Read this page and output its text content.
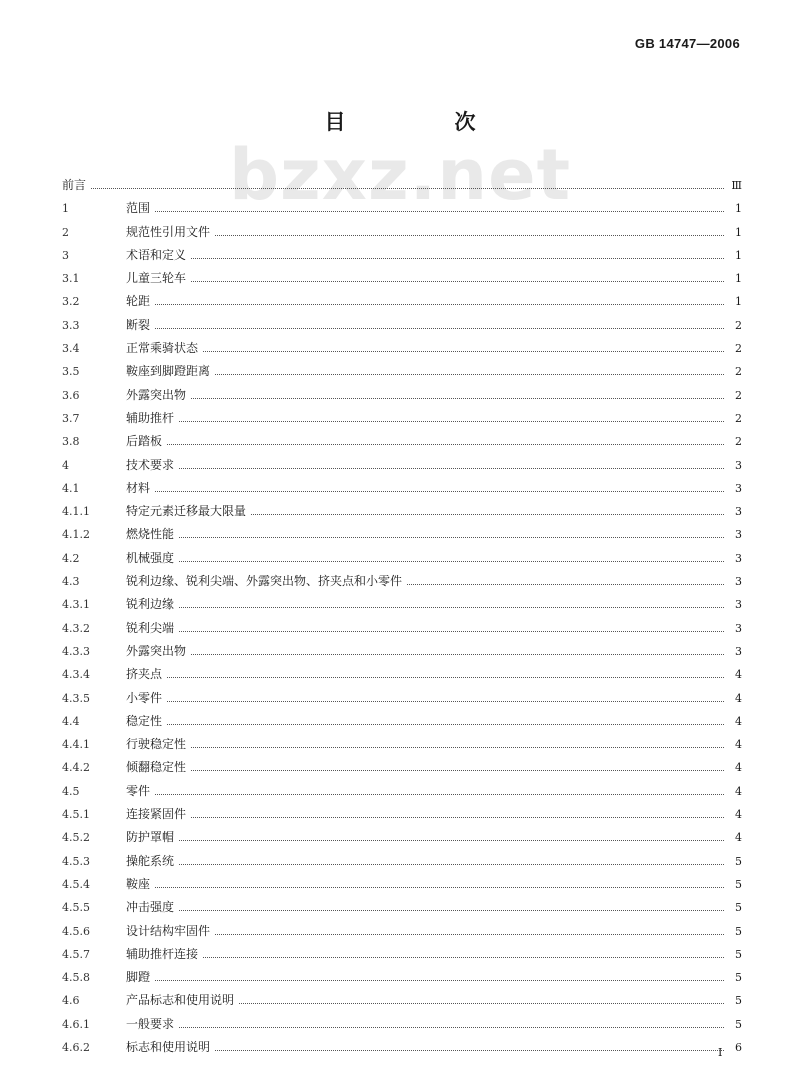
GB 14747—2006
bzxz.net
目　次
前言	Ⅲ
1	范围	1
2	规范性引用文件	1
3	术语和定义	1
3.1	儿童三轮车	1
3.2	轮距	1
3.3	断裂	2
3.4	正常乘骑状态	2
3.5	鞍座到脚蹬距离	2
3.6	外露突出物	2
3.7	辅助推杆	2
3.8	后踏板	2
4	技术要求	3
4.1	材料	3
4.1.1	特定元素迁移最大限量	3
4.1.2	燃烧性能	3
4.2	机械强度	3
4.3	锐利边缘、锐利尖端、外露突出物、挤夹点和小零件	3
4.3.1	锐利边缘	3
4.3.2	锐利尖端	3
4.3.3	外露突出物	3
4.3.4	挤夹点	4
4.3.5	小零件	4
4.4	稳定性	4
4.4.1	行驶稳定性	4
4.4.2	倾翻稳定性	4
4.5	零件	4
4.5.1	连接紧固件	4
4.5.2	防护罩帽	4
4.5.3	操舵系统	5
4.5.4	鞍座	5
4.5.5	冲击强度	5
4.5.6	设计结构牢固件	5
4.5.7	辅助推杆连接	5
4.5.8	脚蹬	5
4.6	产品标志和使用说明	5
4.6.1	一般要求	5
4.6.2	标志和使用说明	6
I
